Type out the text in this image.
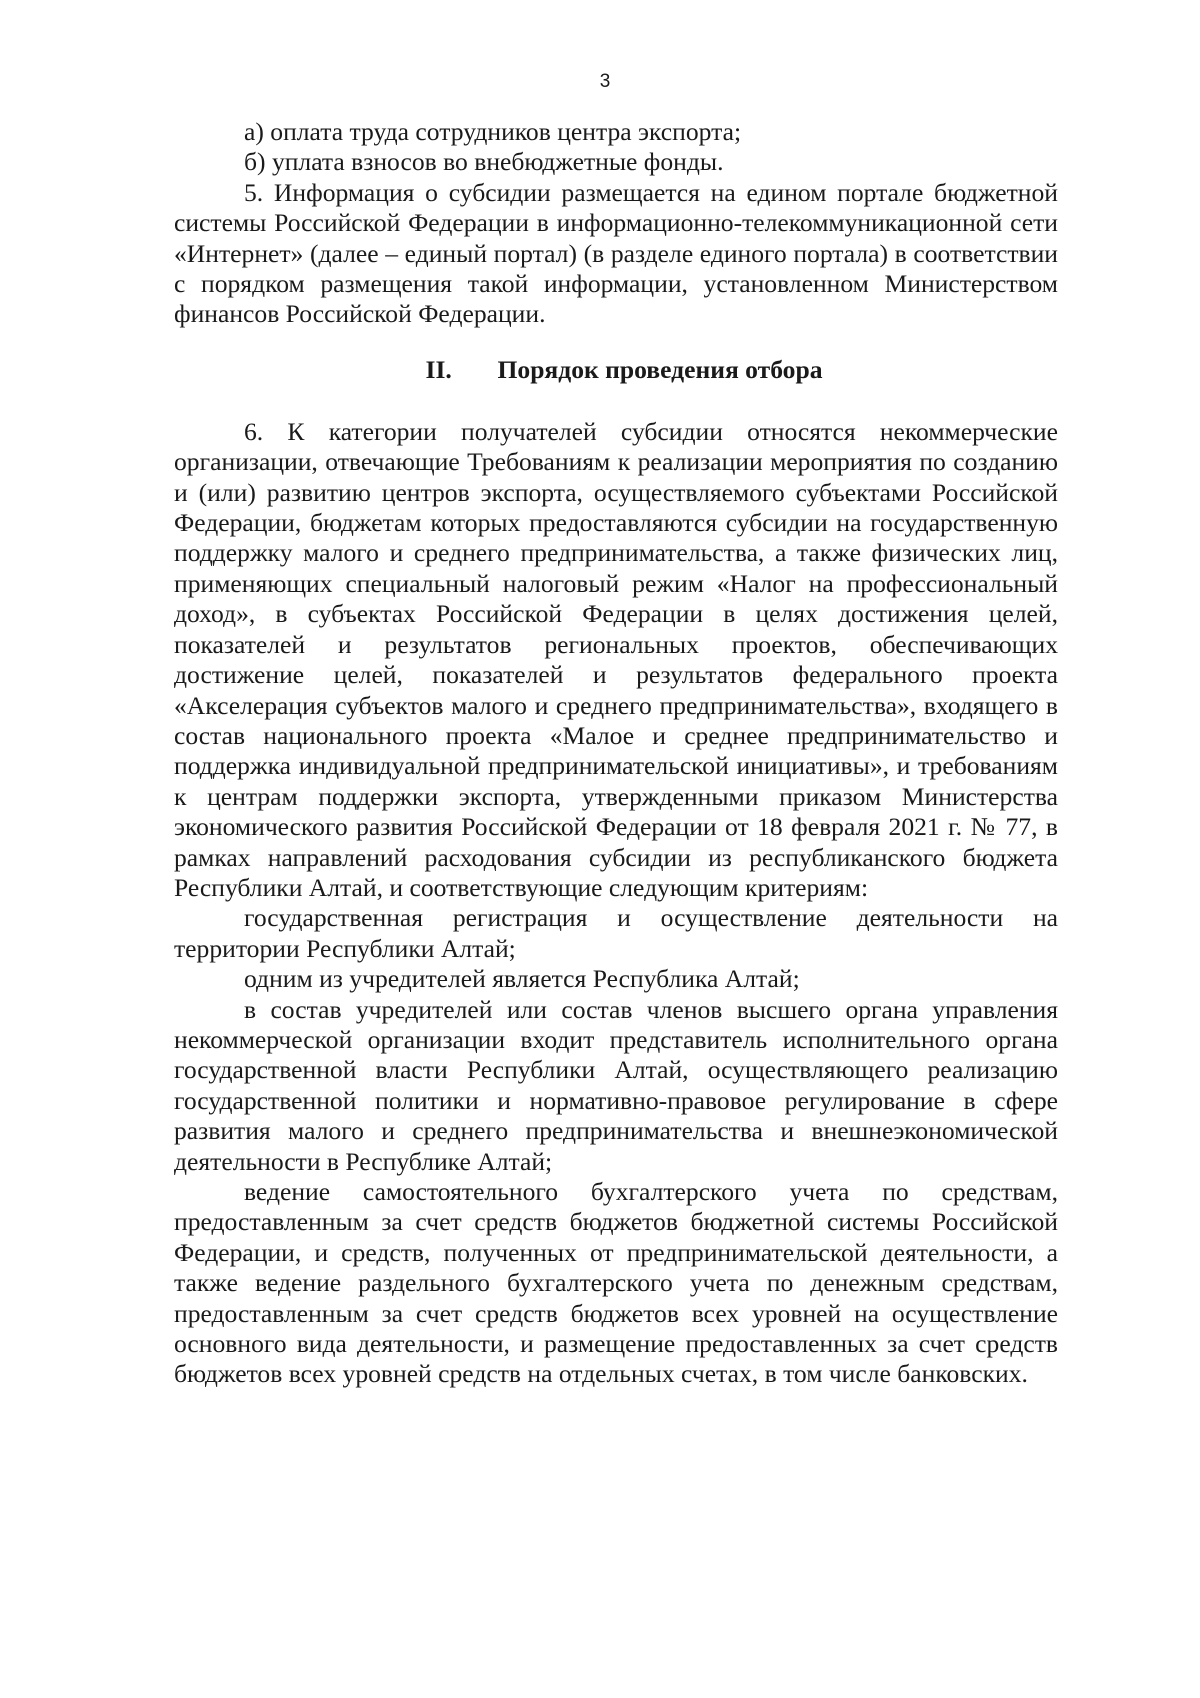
3

а) оплата труда сотрудников центра экспорта;

б) уплата взносов во внебюджетные фонды.

5. Информация о субсидии размещается на едином портале бюджетной системы Российской Федерации в информационно-телекоммуникационной сети «Интернет» (далее – единый портал) (в разделе единого портала) в соответствии с порядком размещения такой информации, установленном Министерством финансов Российской Федерации.

II. Порядок проведения отбора

6. К категории получателей субсидии относятся некоммерческие организации, отвечающие Требованиям к реализации мероприятия по созданию и (или) развитию центров экспорта, осуществляемого субъектами Российской Федерации, бюджетам которых предоставляются субсидии на государственную поддержку малого и среднего предпринимательства, а также физических лиц, применяющих специальный налоговый режим «Налог на профессиональный доход», в субъектах Российской Федерации в целях достижения целей, показателей и результатов региональных проектов, обеспечивающих достижение целей, показателей и результатов федерального проекта «Акселерация субъектов малого и среднего предпринимательства», входящего в состав национального проекта «Малое и среднее предпринимательство и поддержка индивидуальной предпринимательской инициативы», и требованиям к центрам поддержки экспорта, утвержденными приказом Министерства экономического развития Российской Федерации от 18 февраля 2021 г. № 77, в рамках направлений расходования субсидии из республиканского бюджета Республики Алтай, и соответствующие следующим критериям:

государственная регистрация и осуществление деятельности на территории Республики Алтай;

одним из учредителей является Республика Алтай;

в состав учредителей или состав членов высшего органа управления некоммерческой организации входит представитель исполнительного органа государственной власти Республики Алтай, осуществляющего реализацию государственной политики и нормативно-правовое регулирование в сфере развития малого и среднего предпринимательства и внешнеэкономической деятельности в Республике Алтай;

ведение самостоятельного бухгалтерского учета по средствам, предоставленным за счет средств бюджетов бюджетной системы Российской Федерации, и средств, полученных от предпринимательской деятельности, а также ведение раздельного бухгалтерского учета по денежным средствам, предоставленным за счет средств бюджетов всех уровней на осуществление основного вида деятельности, и размещение предоставленных за счет средств бюджетов всех уровней средств на отдельных счетах, в том числе банковских.
